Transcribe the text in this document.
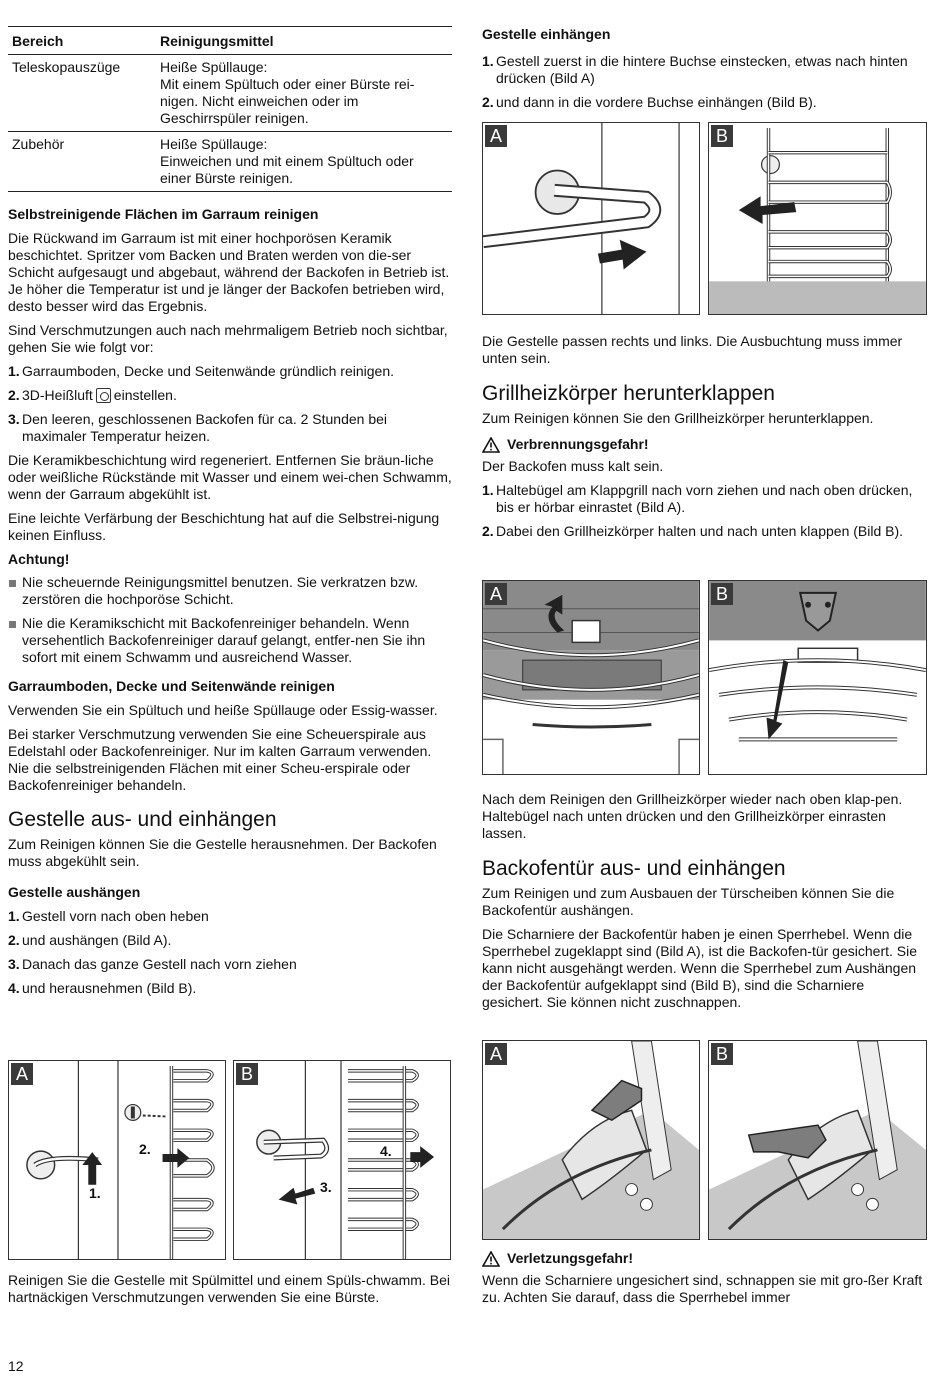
Bereich	Reinigungsmittel
Teleskopauszüge	Heiße Spüllauge:
Mit einem Spültuch oder einer Bürste rei-
nigen. Nicht einweichen oder im
Geschirrspüler reinigen.

Zubehör	Heiße Spüllauge:
Einweichen und mit einem Spültuch oder
einer Bürste reinigen.

Selbstreinigende Flächen im Garraum reinigen

Die Rückwand im Garraum ist mit einer hochporösen Keramik beschichtet. Spritzer vom Backen und Braten werden von die-ser Schicht aufgesaugt und abgebaut, während der Backofen in Betrieb ist. Je höher die Temperatur ist und je länger der Backofen betrieben wird, desto besser wird das Ergebnis.

Sind Verschmutzungen auch nach mehrmaligem Betrieb noch sichtbar, gehen Sie wie folgt vor:

1. Garraumboden, Decke und Seitenwände gründlich reinigen.
2. 3D-Heißluft einstellen.
3. Den leeren, geschlossenen Backofen für ca. 2 Stunden bei maximaler Temperatur heizen.

Die Keramikbeschichtung wird regeneriert. Entfernen Sie bräun-liche oder weißliche Rückstände mit Wasser und einem wei-chen Schwamm, wenn der Garraum abgekühlt ist.

Eine leichte Verfärbung der Beschichtung hat auf die Selbstrei-nigung keinen Einfluss.

Achtung!

Nie scheuernde Reinigungsmittel benutzen. Sie verkratzen bzw. zerstören die hochporöse Schicht.
Nie die Keramikschicht mit Backofenreiniger behandeln. Wenn versehentlich Backofenreiniger darauf gelangt, entfer-nen Sie ihn sofort mit einem Schwamm und ausreichend Wasser.

Garraumboden, Decke und Seitenwände reinigen

Verwenden Sie ein Spültuch und heiße Spüllauge oder Essig-wasser.

Bei starker Verschmutzung verwenden Sie eine Scheuerspirale aus Edelstahl oder Backofenreiniger. Nur im kalten Garraum verwenden. Nie die selbstreinigenden Flächen mit einer Scheu-erspirale oder Backofenreiniger behandeln.

Gestelle aus- und einhängen

Zum Reinigen können Sie die Gestelle herausnehmen. Der Backofen muss abgekühlt sein.

Gestelle aushängen

1. Gestell vorn nach oben heben
2. und aushängen (Bild A).
3. Danach das ganze Gestell nach vorn ziehen
4. und herausnehmen (Bild B).
A
1.
2.
B
3.
4.

Reinigen Sie die Gestelle mit Spülmittel und einem Spüls-chwamm. Bei hartnäckigen Verschmutzungen verwenden Sie eine Bürste.

Gestelle einhängen

1. Gestell zuerst in die hintere Buchse einstecken, etwas nach hinten drücken (Bild A)
2. und dann in die vordere Buchse einhängen (Bild B).
A	B

Die Gestelle passen rechts und links. Die Ausbuchtung muss immer unten sein.

Grillheizkörper herunterklappen

Zum Reinigen können Sie den Grillheizkörper herunterklappen.

Verbrennungsgefahr!

Der Backofen muss kalt sein.

1. Haltebügel am Klappgrill nach vorn ziehen und nach oben drücken, bis er hörbar einrastet (Bild A).
2. Dabei den Grillheizkörper halten und nach unten klappen (Bild B).
A	B

Nach dem Reinigen den Grillheizkörper wieder nach oben klap-pen. Haltebügel nach unten drücken und den Grillheizkörper einrasten lassen.

Backofentür aus- und einhängen

Zum Reinigen und zum Ausbauen der Türscheiben können Sie die Backofentür aushängen.

Die Scharniere der Backofentür haben je einen Sperrhebel. Wenn die Sperrhebel zugeklappt sind (Bild A), ist die Backofen-tür gesichert. Sie kann nicht ausgehängt werden. Wenn die Sperrhebel zum Aushängen der Backofentür aufgeklappt sind (Bild B), sind die Scharniere gesichert. Sie können nicht zuschnappen.

A	B
Verletzungsgefahr!

Wenn die Scharniere ungesichert sind, schnappen sie mit gro-ßer Kraft zu. Achten Sie darauf, dass die Sperrhebel immer

12
